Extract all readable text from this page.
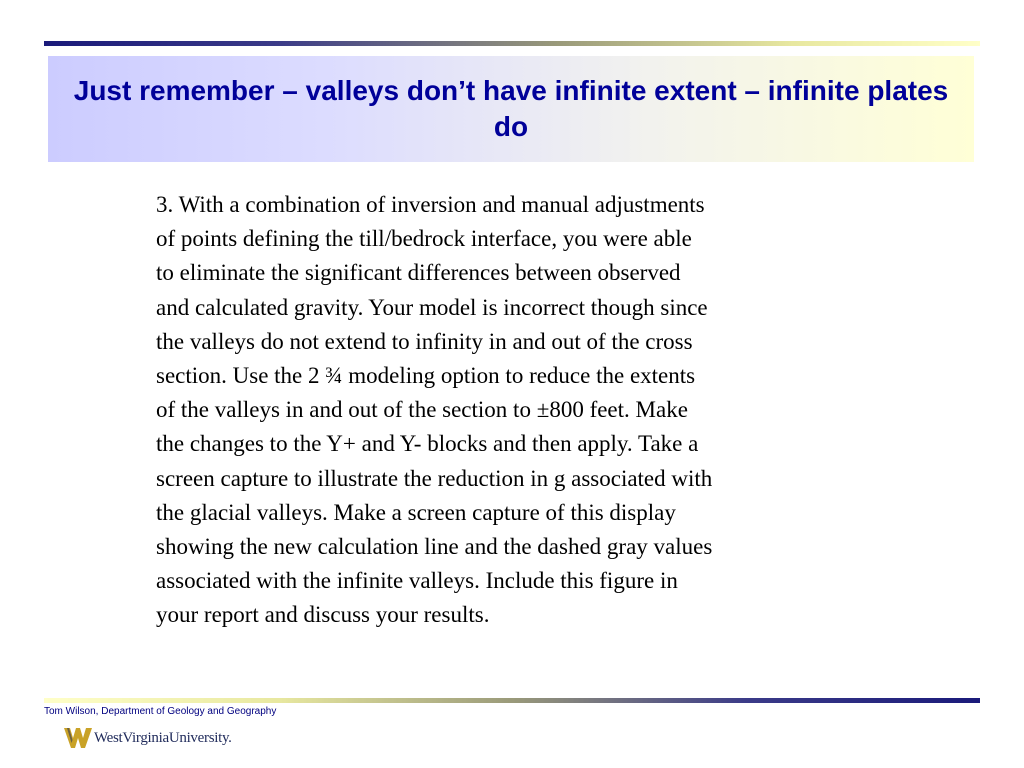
Just remember – valleys don’t have infinite extent – infinite plates do
3. With a combination of inversion and manual adjustments
of points defining the till/bedrock interface, you were able
to eliminate the significant differences between observed
and calculated gravity. Your model is incorrect though since
the valleys do not extend to infinity in and out of the cross
section. Use the 2 ¾ modeling option to reduce the extents
of the valleys in and out of the section to ±800 feet. Make
the changes to the Y+ and Y- blocks and then apply. Take a
screen capture to illustrate the reduction in g associated with
the glacial valleys. Make a screen capture of this display
showing the new calculation line and the dashed gray values
associated with the infinite valleys. Include this figure in
your report and discuss your results.
Tom Wilson, Department of Geology and Geography
WestVirginiaUniversity.
